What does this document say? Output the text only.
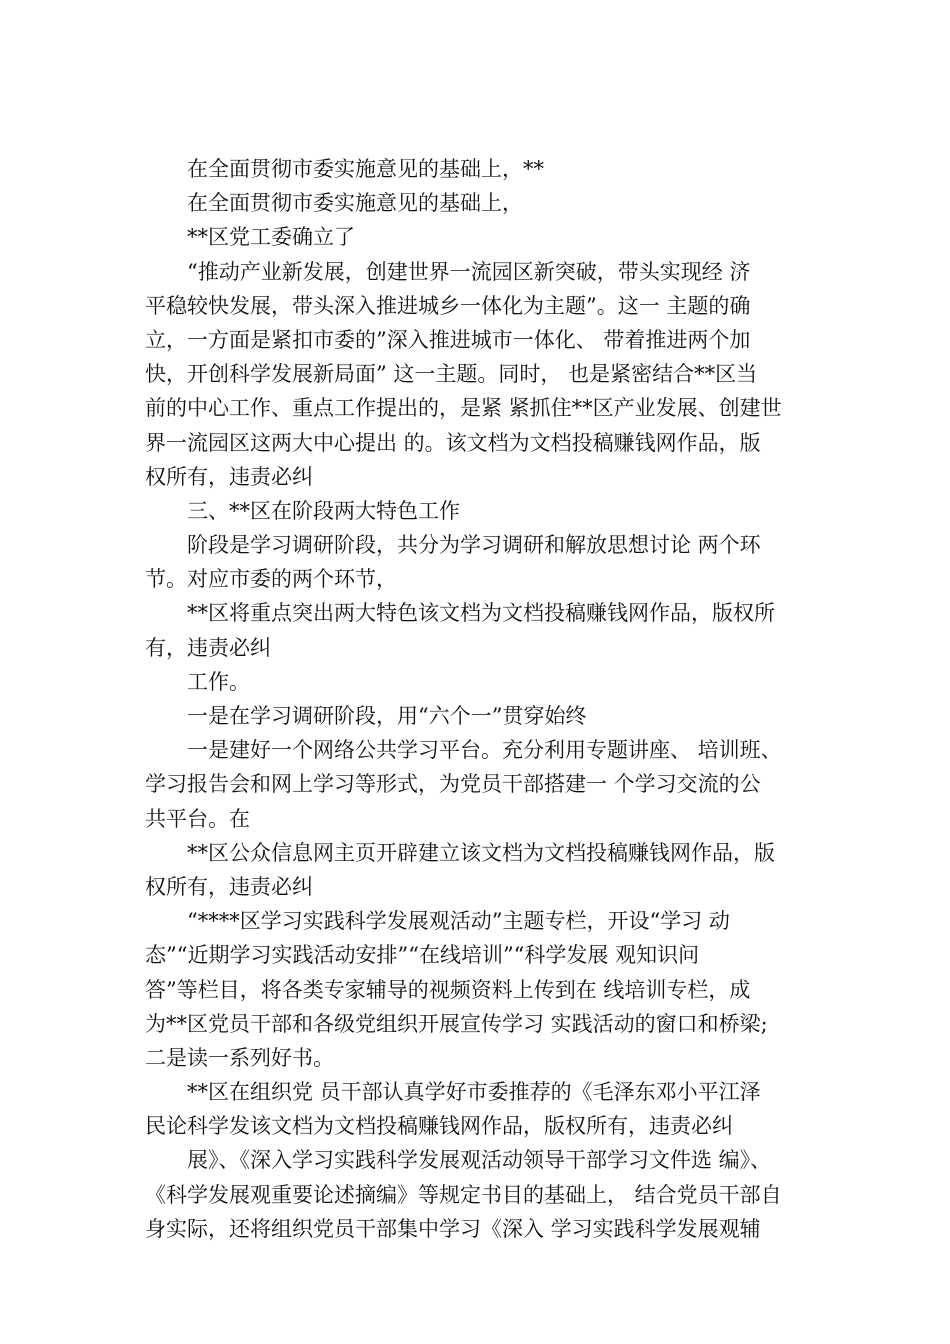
在全面贯彻市委实施意见的基础上，**
在全面贯彻市委实施意见的基础上，
**区党工委确立了
“推动产业新发展，创建世界一流园区新突破，带头实现经 济
平稳较快发展，带头深入推进城乡一体化为主题”。这一 主题的确
立，一方面是紧扣市委的”深入推进城市一体化、 带着推进两个加
快，开创科学发展新局面” 这一主题。同时， 也是紧密结合**区当
前的中心工作、重点工作提出的，是紧 紧抓住**区产业发展、创建世
界一流园区这两大中心提出 的。该文档为文档投稿赚钱网作品，版
权所有，违责必纠
三、**区在阶段两大特色工作
阶段是学习调研阶段，共分为学习调研和解放思想讨论 两个环
节。对应市委的两个环节，
**区将重点突出两大特色该文档为文档投稿赚钱网作品，版权所
有，违责必纠
工作。
一是在学习调研阶段，用“六个一”贯穿始终
一是建好一个网络公共学习平台。充分利用专题讲座、 培训班、
学习报告会和网上学习等形式，为党员干部搭建一 个学习交流的公
共平台。在
**区公众信息网主页开辟建立该文档为文档投稿赚钱网作品，版
权所有，违责必纠
“****区学习实践科学发展观活动”主题专栏，开设“学习 动
态”“近期学习实践活动安排”“在线培训”“科学发展 观知识问
答”等栏目，将各类专家辅导的视频资料上传到在 线培训专栏，成
为**区党员干部和各级党组织开展宣传学习 实践活动的窗口和桥梁;
二是读一系列好书。
**区在组织党 员干部认真学好市委推荐的《毛泽东邓小平江泽
民论科学发该文档为文档投稿赚钱网作品，版权所有，违责必纠
展》、《深入学习实践科学发展观活动领导干部学习文件选 编》、
《科学发展观重要论述摘编》等规定书目的基础上， 结合党员干部自
身实际，还将组织党员干部集中学习《深入 学习实践科学发展观辅
